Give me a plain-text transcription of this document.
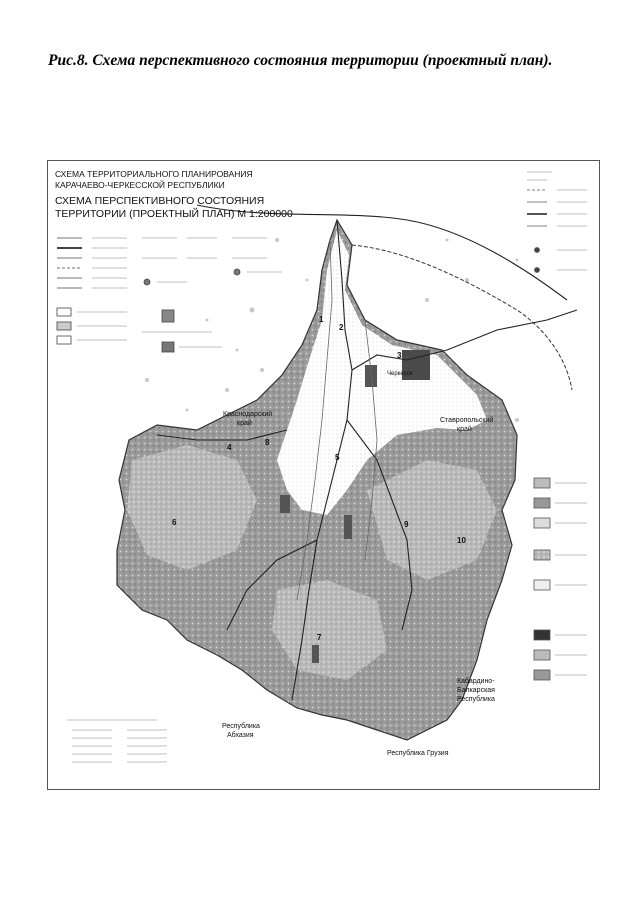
Рис.8. Схема перспективного состояния территории (проектный план).
СХЕМА ТЕРРИТОРИАЛЬНОГО ПЛАНИРОВАНИЯ
КАРАЧАЕВО-ЧЕРКЕССКОЙ РЕСПУБЛИКИ
СХЕМА ПЕРСПЕКТИВНОГО СОСТОЯНИЯ
ТЕРРИТОРИИ (ПРОЕКТНЫЙ ПЛАН) М 1:200000
1
2
3
4
5
6
7
8
9
10
Краснодарский
край	Ставропольский
край
Кабардино-
Балкарская
Республика
Республика
Абхазия
Республика Грузия
Черкесск
